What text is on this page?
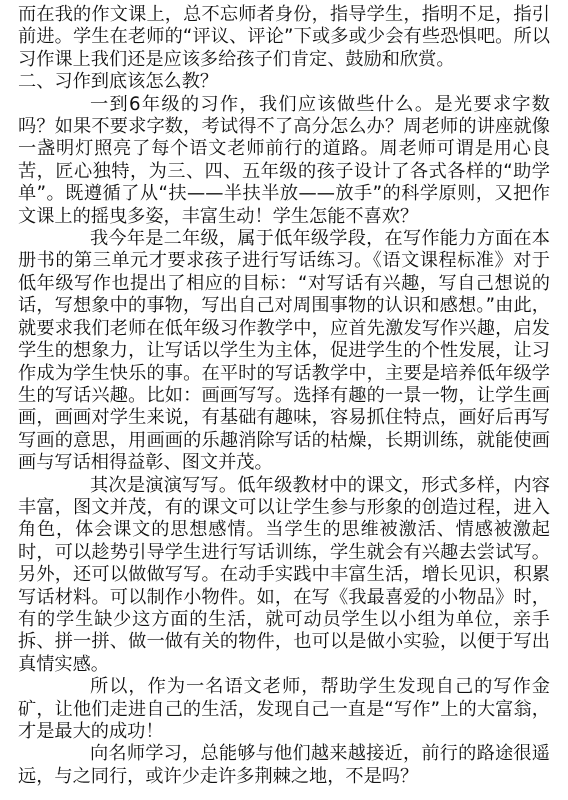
而在我的作文课上，总不忘师者身份，指导学生，指明不足，指引前进。学生在老师的“评议、评论”下或多或少会有些恐惧吧。所以习作课上我们还是应该多给孩子们肯定、鼓励和欣赏。

二、习作到底该怎么教？

一到6年级的习作，我们应该做些什么。是光要求字数吗？如果不要求字数，考试得不了高分怎么办？周老师的讲座就像一盏明灯照亮了每个语文老师前行的道路。周老师可谓是用心良苦，匠心独特，为三、四、五年级的孩子设计了各式各样的“助学单”。既遵循了从“扶——半扶半放——放手”的科学原则，又把作文课上的摇曳多姿，丰富生动！学生怎能不喜欢？

我今年是二年级，属于低年级学段，在写作能力方面在本册书的第三单元才要求孩子进行写话练习。《语文课程标准》对于低年级写作也提出了相应的目标：“对写话有兴趣，写自己想说的话，写想象中的事物，写出自己对周围事物的认识和感想。”由此，就要求我们老师在低年级习作教学中，应首先激发写作兴趣，启发学生的想象力，让写话以学生为主体，促进学生的个性发展，让习作成为学生快乐的事。在平时的写话教学中，主要是培养低年级学生的写话兴趣。比如：画画写写。选择有趣的一景一物，让学生画画，画画对学生来说，有基础有趣味，容易抓住特点，画好后再写写画的意思，用画画的乐趣消除写话的枯燥，长期训练，就能使画画与写话相得益彰、图文并茂。

其次是演演写写。低年级教材中的课文，形式多样，内容丰富，图文并茂，有的课文可以让学生参与形象的创造过程，进入角色，体会课文的思想感情。当学生的思维被激活、情感被激起时，可以趁势引导学生进行写话训练，学生就会有兴趣去尝试写。另外，还可以做做写写。在动手实践中丰富生活，增长见识，积累写话材料。可以制作小物件。如，在写《我最喜爱的小物品》时，有的学生缺少这方面的生活，就可动员学生以小组为单位，亲手拆、拼一拼、做一做有关的物件，也可以是做小实验，以便于写出真情实感。

所以，作为一名语文老师，帮助学生发现自己的写作金矿，让他们走进自己的生活，发现自己一直是“写作”上的大富翁，才是最大的成功！

向名师学习，总能够与他们越来越接近，前行的路途很遥远，与之同行，或许少走许多荆棘之地，不是吗？
